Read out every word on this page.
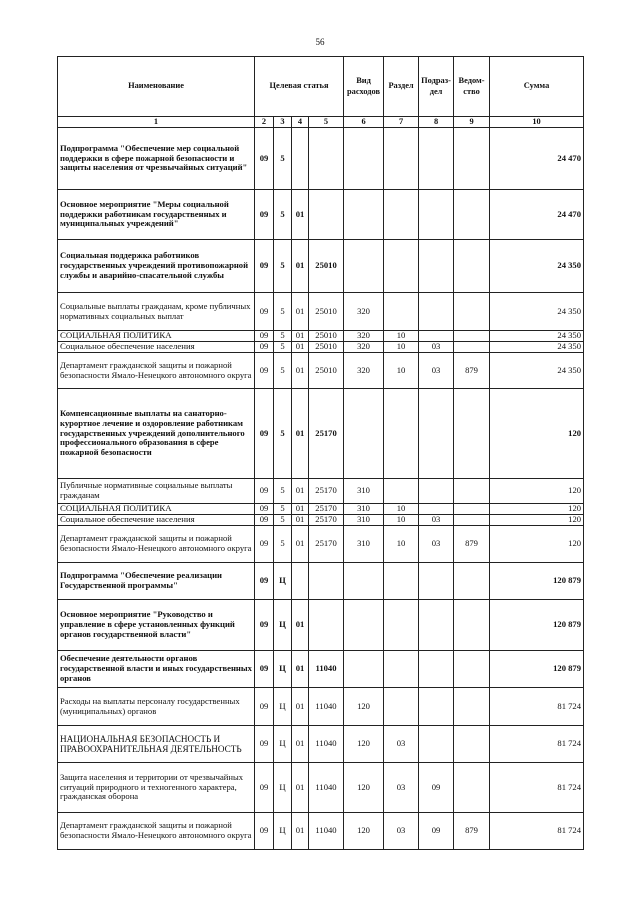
56
Наименование	Целевая статья				Вид расходов	Раздел	Подраз-дел	Ведом-ство	Сумма
1	2	3	4	5	6	7	8	9	10
Подпрограмма "Обеспечение мер социальной поддержки в сфере пожарной безопасности и защиты населения от чрезвычайных ситуаций"	09	5							24 470
Основное мероприятие "Меры социальной поддержки работникам государственных и муниципальных учреждений"	09	5	01						24 470
Социальная поддержка работников государственных учреждений противопожарной службы и аварийно-спасательной службы	09	5	01	25010					24 350
Социальные выплаты гражданам, кроме публичных нормативных социальных выплат	09	5	01	25010	320				24 350
СОЦИАЛЬНАЯ ПОЛИТИКА	09	5	01	25010	320	10			24 350
Социальное обеспечение населения	09	5	01	25010	320	10	03		24 350
Департамент гражданской защиты и пожарной безопасности Ямало-Ненецкого автономного округа	09	5	01	25010	320	10	03	879	24 350
Компенсационные выплаты на санаторно-курортное лечение и оздоровление работникам государственных учреждений дополнительного профессионального образования в сфере пожарной безопасности	09	5	01	25170					120
Публичные нормативные социальные выплаты гражданам	09	5	01	25170	310				120
СОЦИАЛЬНАЯ ПОЛИТИКА	09	5	01	25170	310	10			120
Социальное обеспечение населения	09	5	01	25170	310	10	03		120
Департамент гражданской защиты и пожарной безопасности Ямало-Ненецкого автономного округа	09	5	01	25170	310	10	03	879	120
Подпрограмма "Обеспечение реализации Государственной программы"	09	Ц							120 879
Основное мероприятие "Руководство и управление в сфере установленных функций органов государственной власти"	09	Ц	01						120 879
Обеспечение деятельности органов государственной власти и иных государственных органов	09	Ц	01	11040					120 879
Расходы на выплаты персоналу государственных (муниципальных) органов	09	Ц	01	11040	120				81 724
НАЦИОНАЛЬНАЯ БЕЗОПАСНОСТЬ И ПРАВООХРАНИТЕЛЬНАЯ ДЕЯТЕЛЬНОСТЬ	09	Ц	01	11040	120	03			81 724
Защита населения и территории от чрезвычайных ситуаций природного и техногенного характера, гражданская оборона	09	Ц	01	11040	120	03	09		81 724
Департамент гражданской защиты и пожарной безопасности Ямало-Ненецкого автономного округа	09	Ц	01	11040	120	03	09	879	81 724
